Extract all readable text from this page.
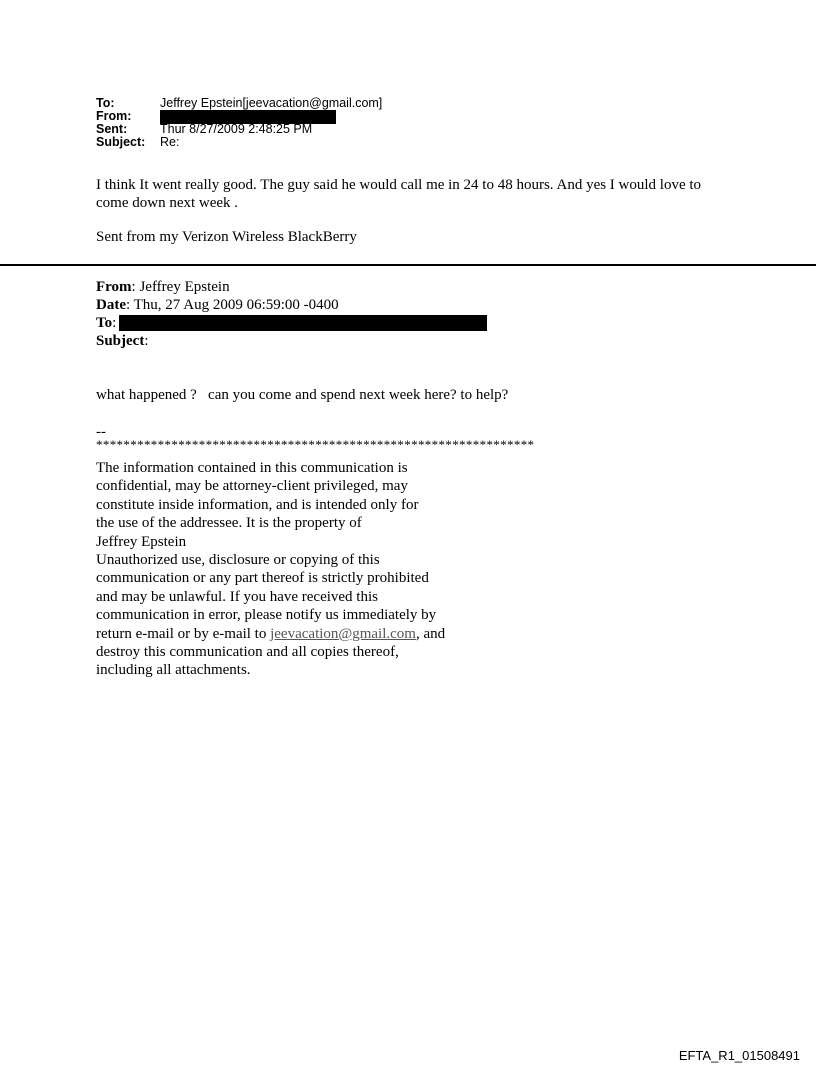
To:	Jeffrey Epstein[jeevacation@gmail.com]
From:
Sent:	Thur 8/27/2009 2:48:25 PM
Subject:	Re:

I think It went really good. The guy said he would call me in 24 to 48 hours. And yes I would love to come down next week .

Sent from my Verizon Wireless BlackBerry

From : Jeffrey Epstein
Date : Thu, 27 Aug 2009 06:59:00 -0400
To :
Subject :

what happened ?   can you come and spend next week here? to help?

--

****************************************************************

The information contained in this communication is
confidential, may be attorney-client privileged, may
constitute inside information, and is intended only for
the use of the addressee. It is the property of
Jeffrey Epstein
Unauthorized use, disclosure or copying of this
communication or any part thereof is strictly prohibited
and may be unlawful. If you have received this
communication in error, please notify us immediately by
return e-mail or by e-mail to jeevacation@gmail.com, and
destroy this communication and all copies thereof,
including all attachments.
EFTA_R1_01508491
